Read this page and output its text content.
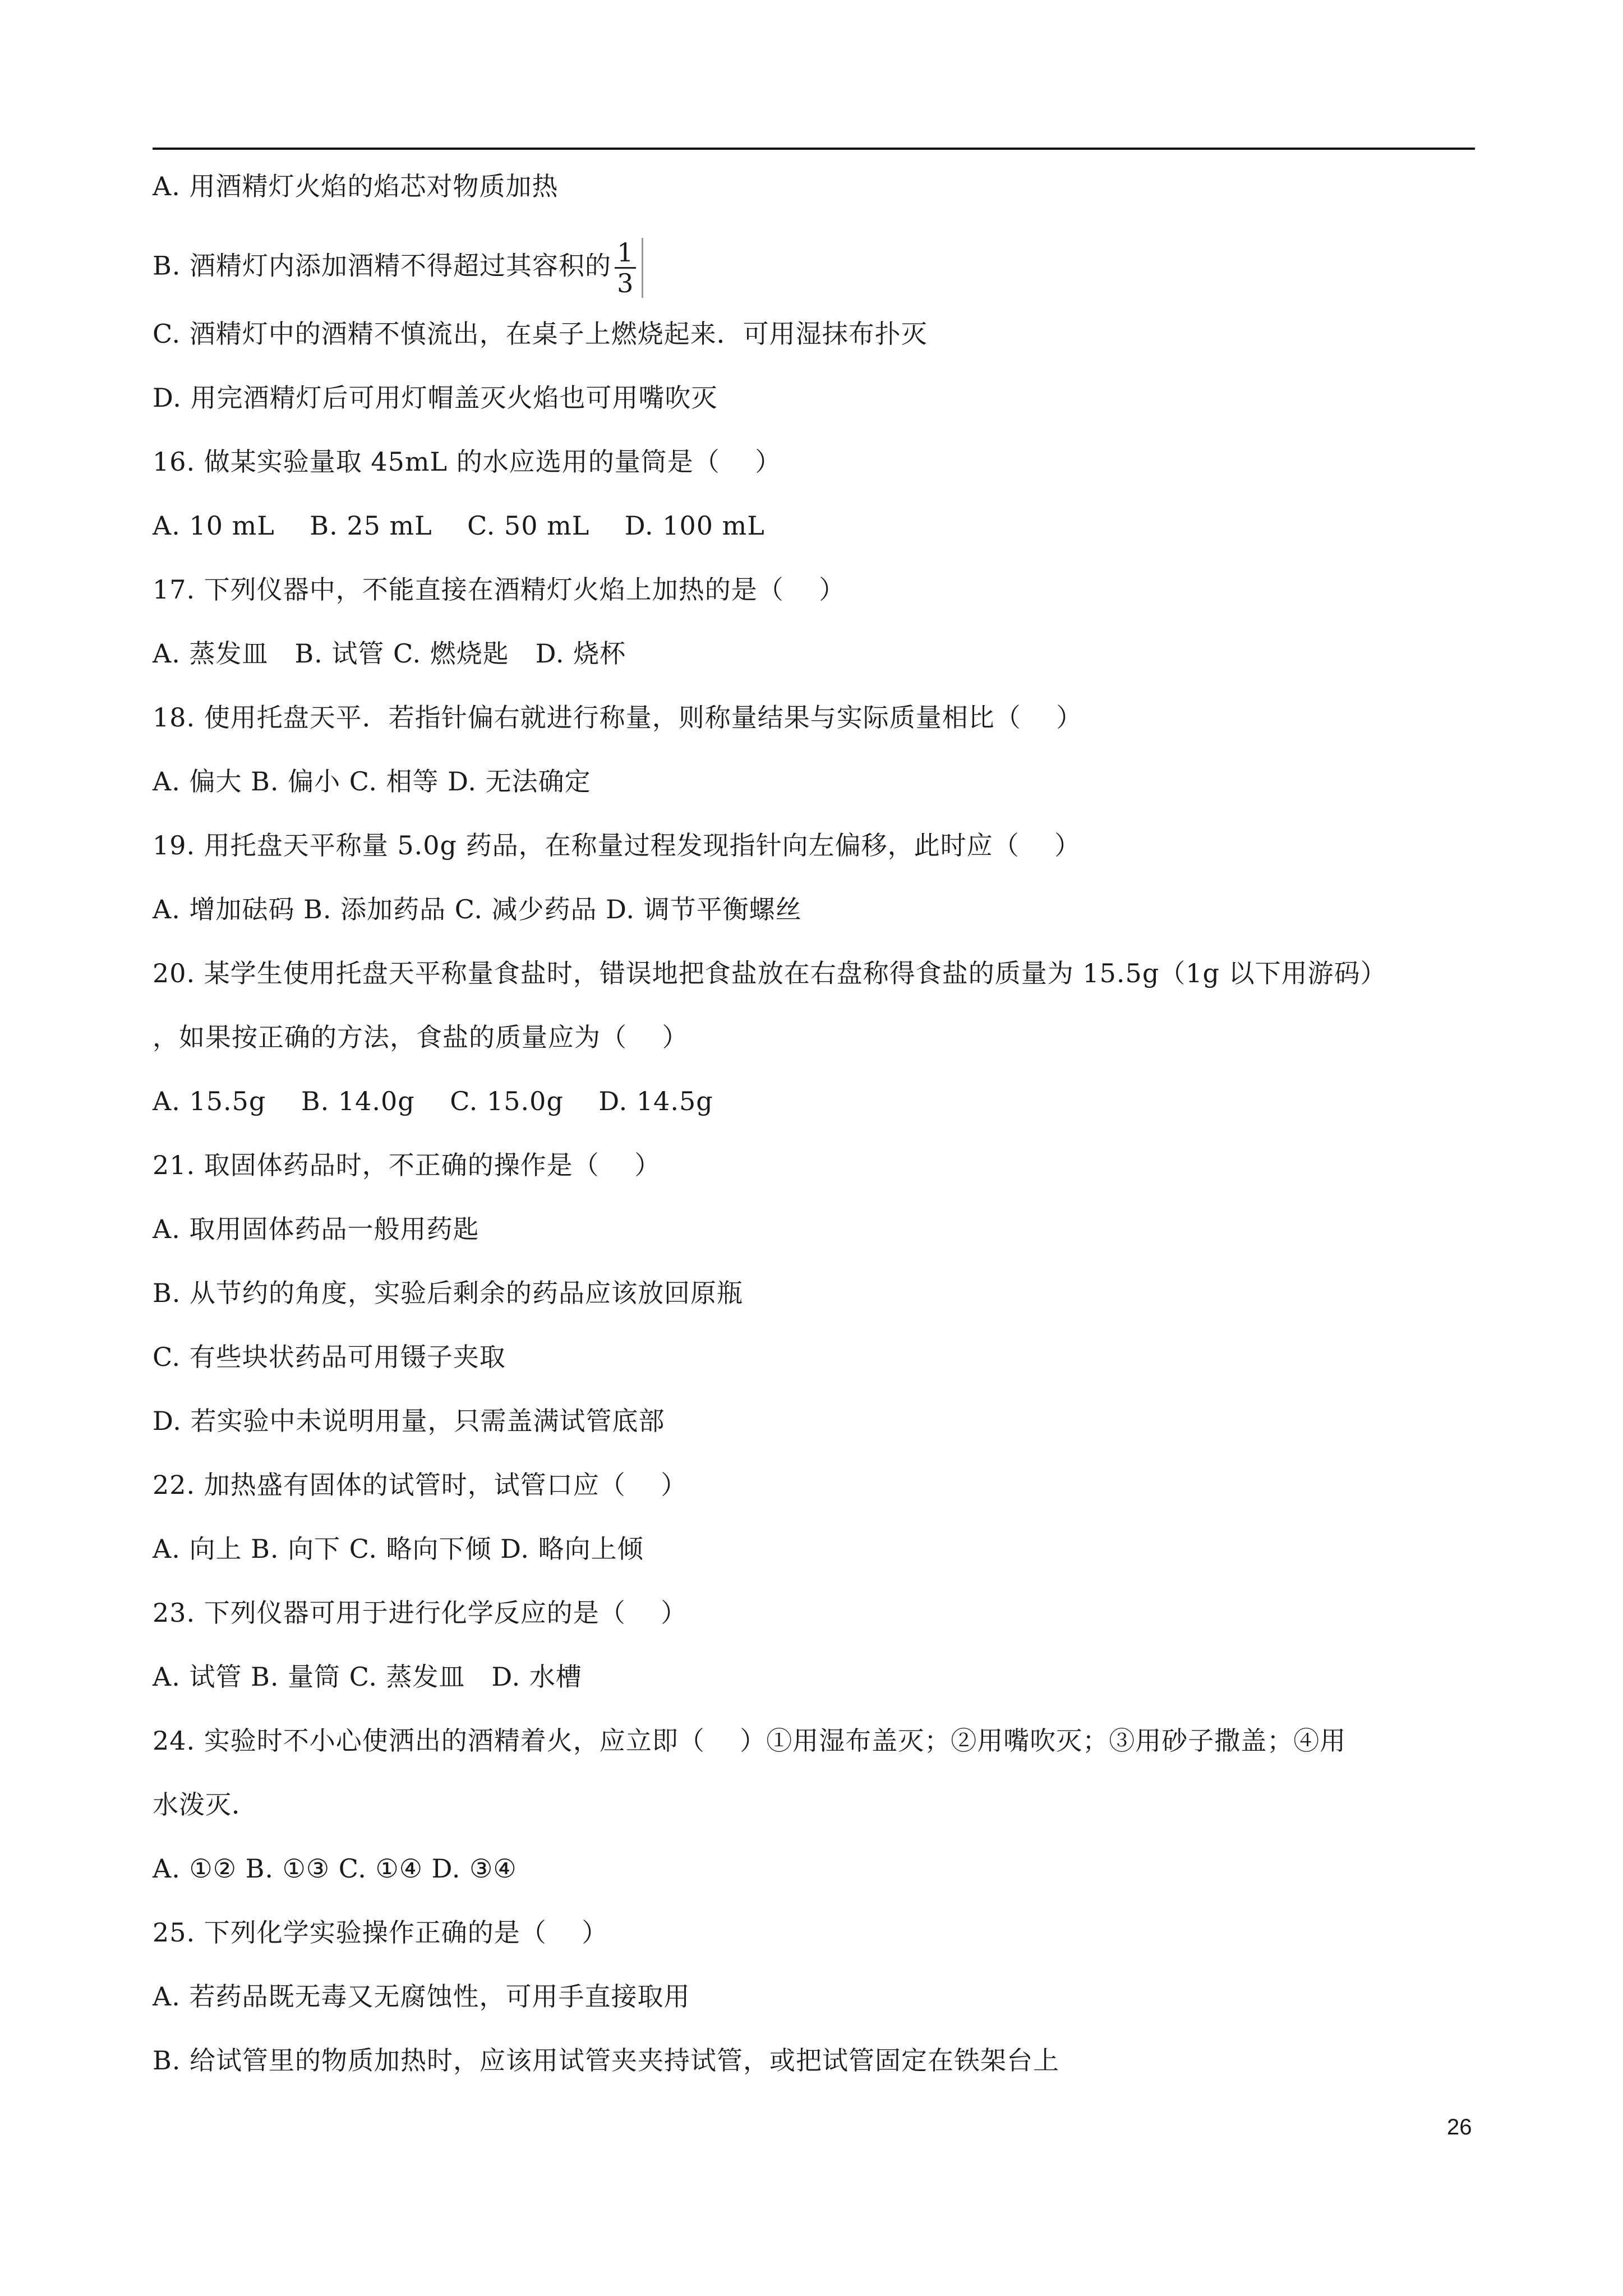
A. 用酒精灯火焰的焰芯对物质加热
B. 酒精灯内添加酒精不得超过其容积的 $\frac{1}{3}$
C. 酒精灯中的酒精不慎流出，在桌子上燃烧起来．可用湿抹布扑灭
D. 用完酒精灯后可用灯帽盖灭火焰也可用嘴吹灭
16. 做某实验量取 45mL 的水应选用的量筒是（    ）
A. 10 mL    B. 25 mL    C. 50 mL    D. 100 mL
17. 下列仪器中，不能直接在酒精灯火焰上加热的是（    ）
A. 蒸发皿   B. 试管 C. 燃烧匙   D. 烧杯
18. 使用托盘天平．若指针偏右就进行称量，则称量结果与实际质量相比（    ）
A. 偏大 B. 偏小 C. 相等 D. 无法确定
19. 用托盘天平称量 5.0g 药品，在称量过程发现指针向左偏移，此时应（    ）
A. 增加砝码 B. 添加药品 C. 减少药品 D. 调节平衡螺丝
20. 某学生使用托盘天平称量食盐时，错误地把食盐放在右盘称得食盐的质量为 15.5g（1g 以下用游码）
，如果按正确的方法，食盐的质量应为（    ）
A. 15.5g    B. 14.0g    C. 15.0g    D. 14.5g
21. 取固体药品时，不正确的操作是（    ）
A. 取用固体药品一般用药匙
B. 从节约的角度，实验后剩余的药品应该放回原瓶
C. 有些块状药品可用镊子夹取
D. 若实验中未说明用量，只需盖满试管底部
22. 加热盛有固体的试管时，试管口应（    ）
A. 向上 B. 向下 C. 略向下倾 D. 略向上倾
23. 下列仪器可用于进行化学反应的是（    ）
A. 试管 B. 量筒 C. 蒸发皿   D. 水槽
24. 实验时不小心使洒出的酒精着火，应立即（    ）①用湿布盖灭；②用嘴吹灭；③用砂子撒盖；④用
水泼灭．
A. ①② B. ①③ C. ①④ D. ③④
25. 下列化学实验操作正确的是（    ）
A. 若药品既无毒又无腐蚀性，可用手直接取用
B. 给试管里的物质加热时，应该用试管夹夹持试管，或把试管固定在铁架台上
26
